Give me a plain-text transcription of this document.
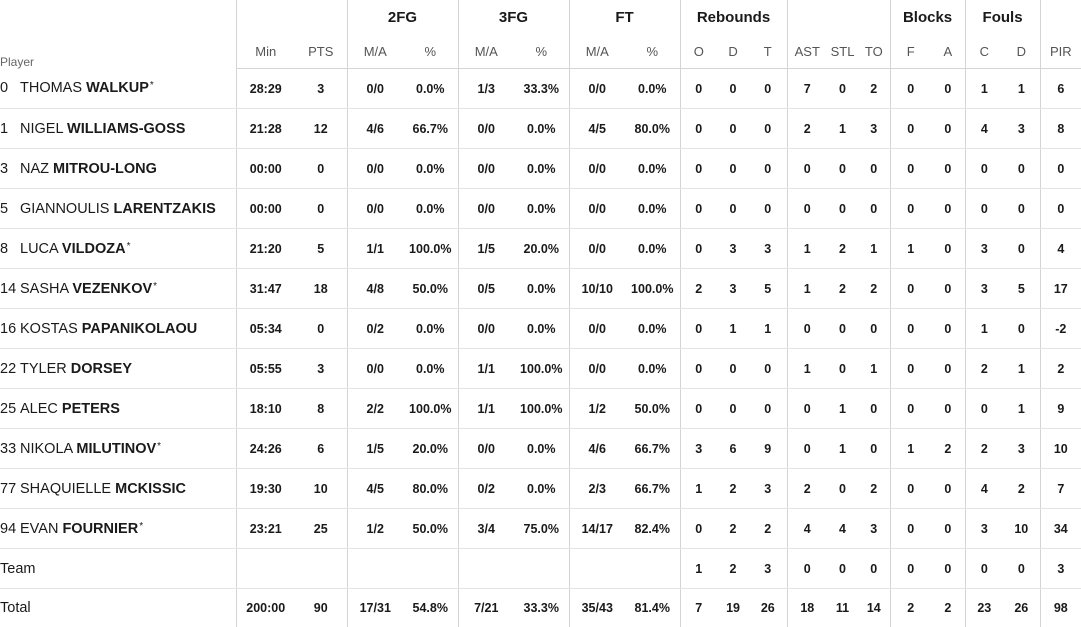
Player			2FG		3FG		FT		Rebounds						Blocks		Fouls		
	Min	PTS	M/A	%	M/A	%	M/A	%	O	D	T	AST	STL	TO	F	A	C	D	PIR
0 THOMAS WALKUP*	28:29	3	0/0	0.0%	1/3	33.3%	0/0	0.0%	0	0	0	7	0	2	0	0	1	1	6
1 NIGEL WILLIAMS-GOSS	21:28	12	4/6	66.7%	0/0	0.0%	4/5	80.0%	0	0	0	2	1	3	0	0	4	3	8
3 NAZ MITROU-LONG	00:00	0	0/0	0.0%	0/0	0.0%	0/0	0.0%	0	0	0	0	0	0	0	0	0	0	0
5 GIANNOULIS LARENTZAKIS	00:00	0	0/0	0.0%	0/0	0.0%	0/0	0.0%	0	0	0	0	0	0	0	0	0	0	0
8 LUCA VILDOZA*	21:20	5	1/1	100.0%	1/5	20.0%	0/0	0.0%	0	3	3	1	2	1	1	0	3	0	4
14 SASHA VEZENKOV*	31:47	18	4/8	50.0%	0/5	0.0%	10/10	100.0%	2	3	5	1	2	2	0	0	3	5	17
16 KOSTAS PAPANIKOLAOU	05:34	0	0/2	0.0%	0/0	0.0%	0/0	0.0%	0	1	1	0	0	0	0	0	1	0	-2
22 TYLER DORSEY	05:55	3	0/0	0.0%	1/1	100.0%	0/0	0.0%	0	0	0	1	0	1	0	0	2	1	2
25 ALEC PETERS	18:10	8	2/2	100.0%	1/1	100.0%	1/2	50.0%	0	0	0	0	1	0	0	0	0	1	9
33 NIKOLA MILUTINOV*	24:26	6	1/5	20.0%	0/0	0.0%	4/6	66.7%	3	6	9	0	1	0	1	2	2	3	10
77 SHAQUIELLE MCKISSIC	19:30	10	4/5	80.0%	0/2	0.0%	2/3	66.7%	1	2	3	2	0	2	0	0	4	2	7
94 EVAN FOURNIER*	23:21	25	1/2	50.0%	3/4	75.0%	14/17	82.4%	0	2	2	4	4	3	0	0	3	10	34
Team									1	2	3	0	0	0	0	0	0	0	3
Total	200:00	90	17/31	54.8%	7/21	33.3%	35/43	81.4%	7	19	26	18	11	14	2	2	23	26	98
